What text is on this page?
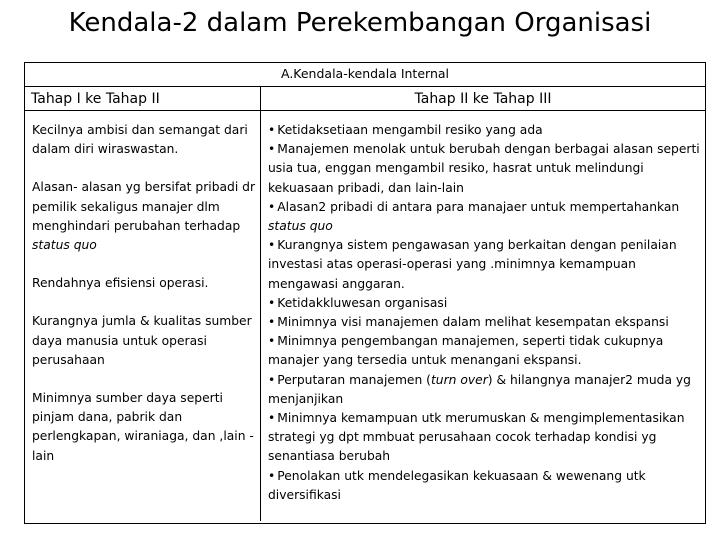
Kendala-2 dalam Perekembangan Organisasi
A.Kendala-kendala Internal
Tahap I ke Tahap II	Tahap II ke Tahap III

Kecilnya ambisi dan semangat dari dalam diri wiraswastan.

Alasan- alasan yg bersifat pribadi dr pemilik sekaligus manajer dlm menghindari perubahan terhadap status quo

Rendahnya efisiensi operasi.

Kurangnya jumla & kualitas sumber daya manusia untuk operasi perusahaan

Minimnya sumber daya seperti pinjam dana, pabrik dan perlengkapan, wiraniaga, dan ,lain -lain

• Ketidaksetiaan mengambil resiko yang ada
• Manajemen menolak untuk berubah dengan berbagai alasan seperti usia tua, enggan mengambil resiko, hasrat untuk melindungi kekuasaan pribadi, dan lain-lain
• Alasan2 pribadi di antara para manajaer untuk mempertahankan status quo
• Kurangnya sistem pengawasan yang berkaitan dengan penilaian investasi atas operasi-operasi yang .minimnya kemampuan mengawasi anggaran.
• Ketidakkluwesan organisasi
• Minimnya visi manajemen dalam melihat kesempatan ekspansi
• Minimnya pengembangan manajemen, seperti tidak cukupnya manajer yang tersedia untuk menangani ekspansi.
• Perputaran manajemen (turn over) & hilangnya manajer2 muda yg menjanjikan
• Minimnya kemampuan utk merumuskan & mengimplementasikan strategi yg dpt mmbuat perusahaan cocok terhadap kondisi yg senantiasa berubah
• Penolakan utk mendelegasikan kekuasaan & wewenang utk diversifikasi
